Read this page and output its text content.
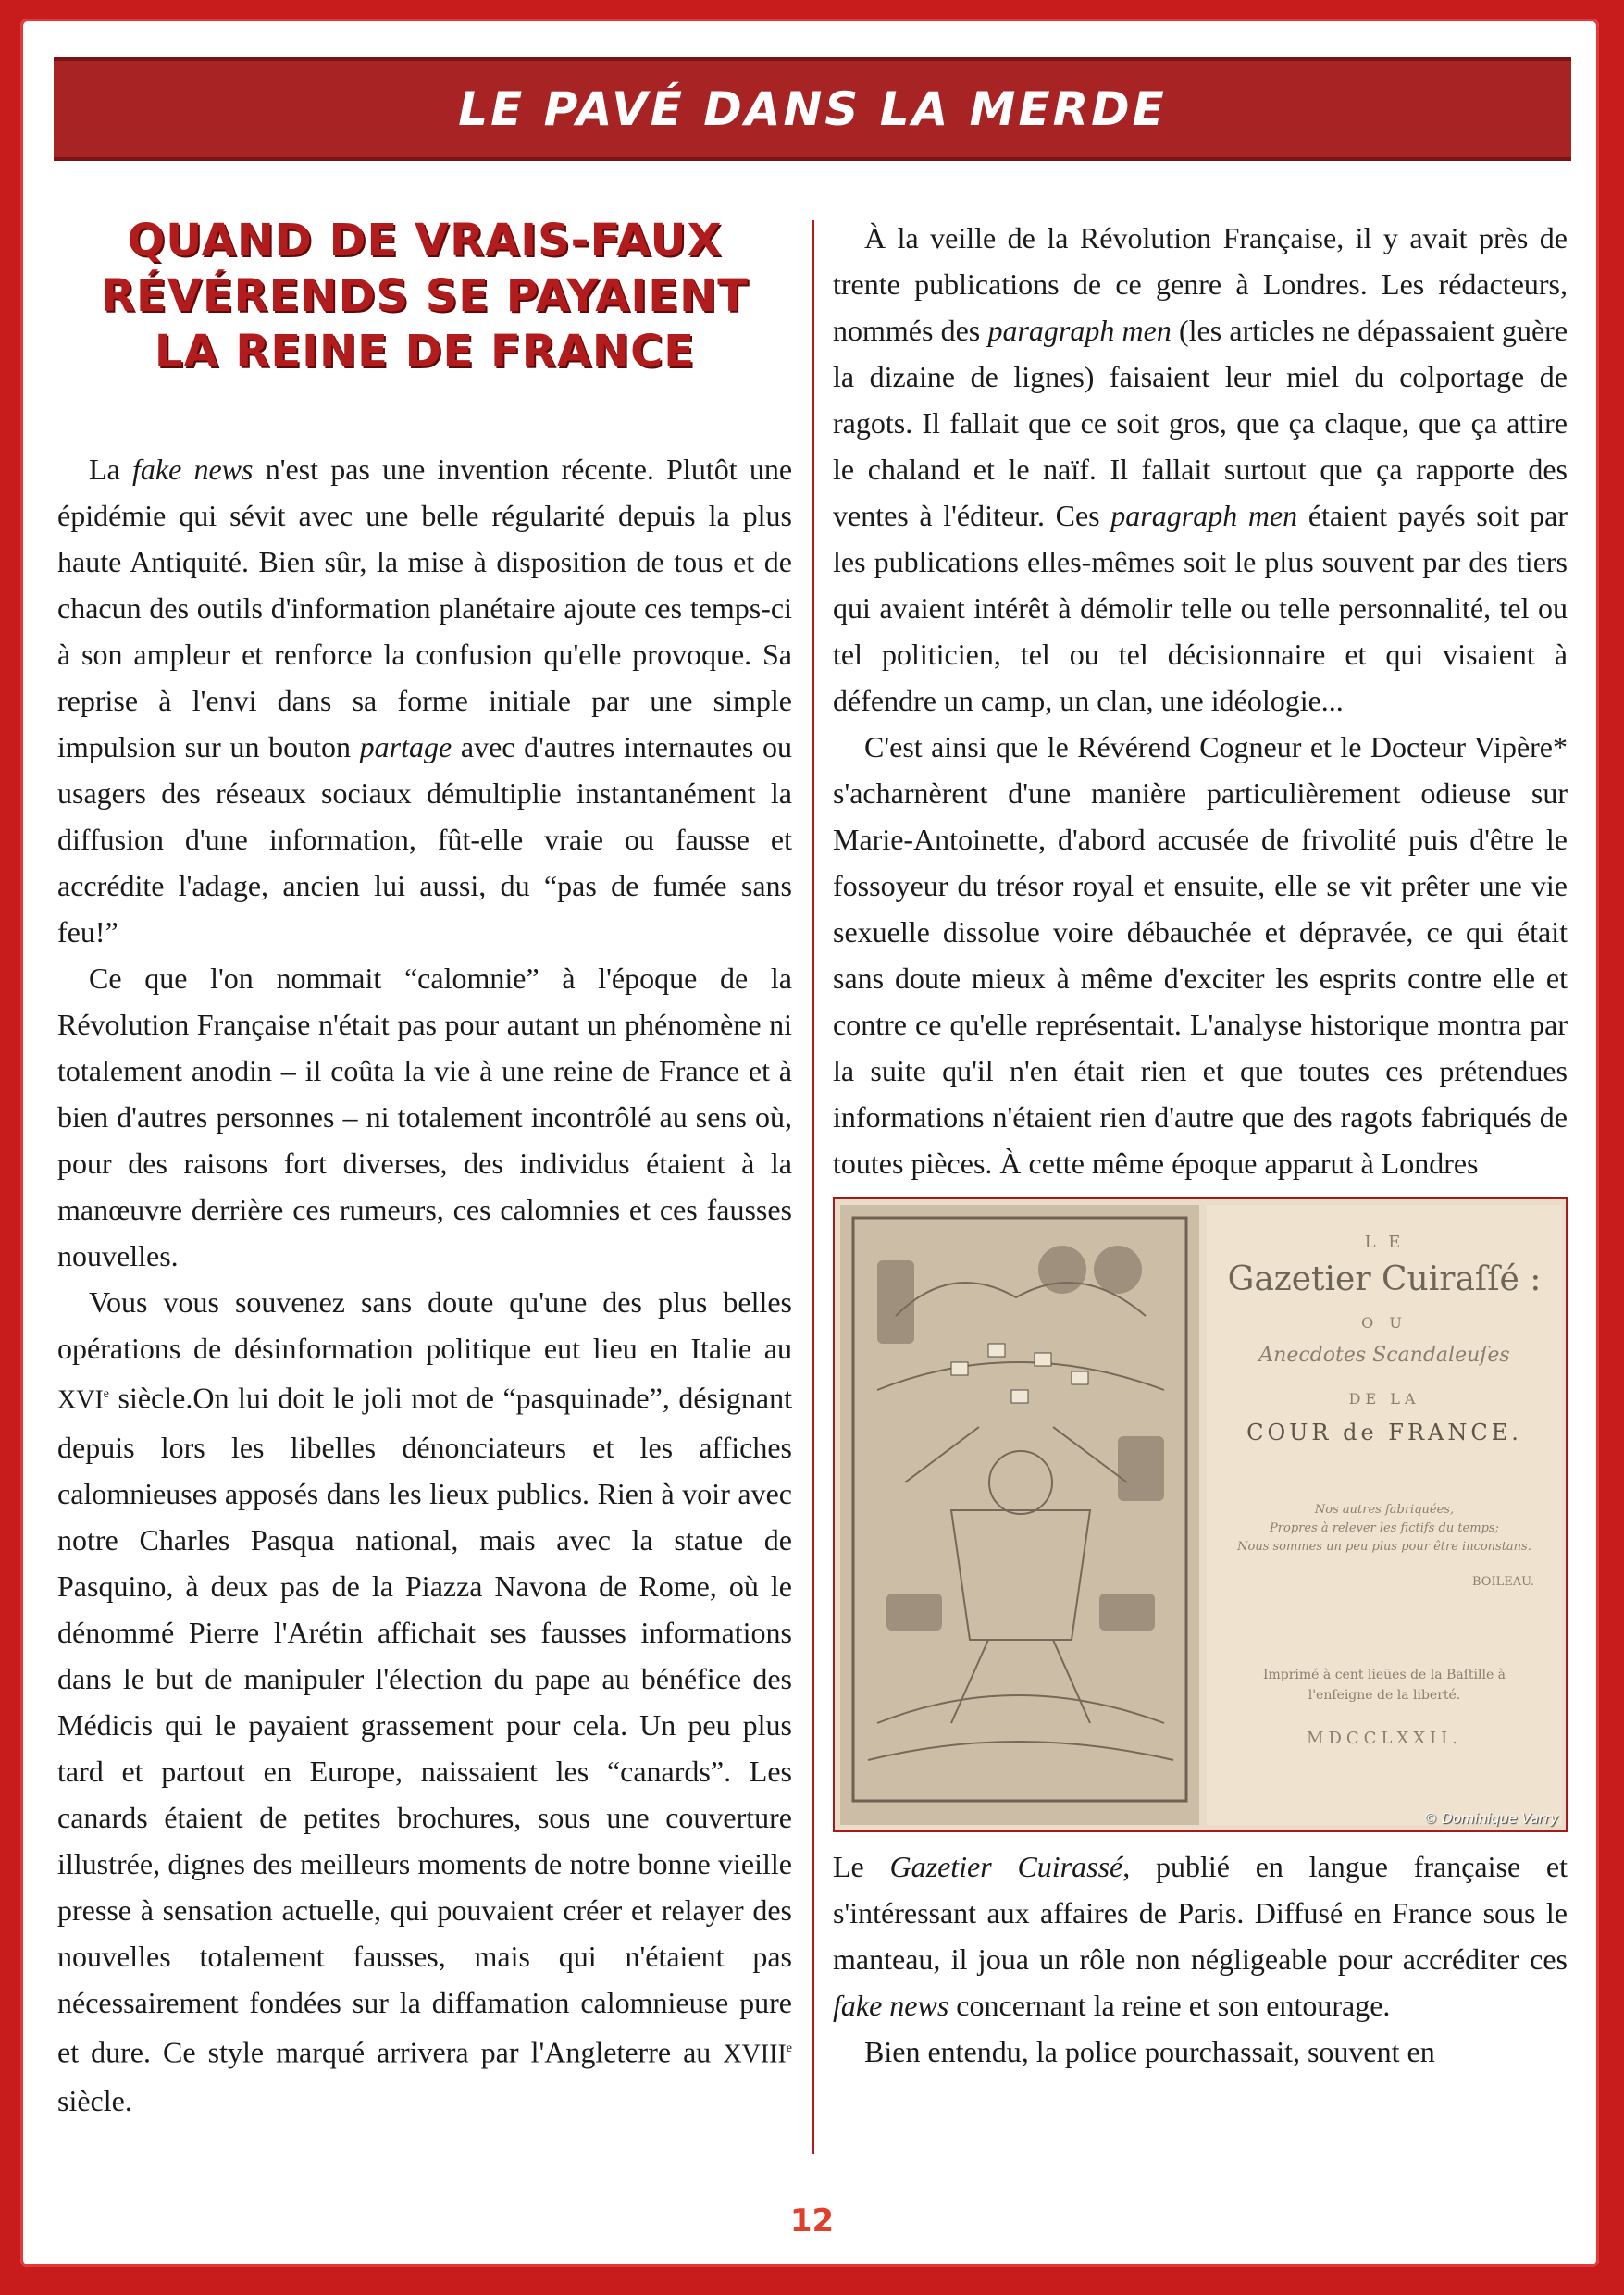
LE PAVÉ DANS LA MERDE
QUAND DE VRAIS-FAUX
RÉVÉRENDS SE PAYAIENT
LA REINE DE FRANCE

La fake news n'est pas une invention récente. Plutôt une épidémie qui sévit avec une belle régularité depuis la plus haute Antiquité. Bien sûr, la mise à disposition de tous et de chacun des outils d'information planétaire ajoute ces temps-ci à son ampleur et renforce la confusion qu'elle provoque. Sa reprise à l'envi dans sa forme initiale par une simple impulsion sur un bouton partage avec d'autres internautes ou usagers des réseaux sociaux démultiplie instantanément la diffusion d'une information, fût-elle vraie ou fausse et accrédite l'adage, ancien lui aussi, du “pas de fumée sans feu!”

Ce que l'on nommait “calomnie” à l'époque de la Révolution Française n'était pas pour autant un phénomène ni totalement anodin – il coûta la vie à une reine de France et à bien d'autres personnes – ni totalement incontrôlé au sens où, pour des raisons fort diverses, des individus étaient à la manœuvre derrière ces rumeurs, ces calomnies et ces fausses nouvelles.

Vous vous souvenez sans doute qu'une des plus belles opérations de désinformation politique eut lieu en Italie au XVIe siècle.On lui doit le joli mot de “pasquinade”, désignant depuis lors les libelles dénonciateurs et les affiches calomnieuses apposés dans les lieux publics. Rien à voir avec notre Charles Pasqua national, mais avec la statue de Pasquino, à deux pas de la Piazza Navona de Rome, où le dénommé Pierre l'Arétin affichait ses fausses informations dans le but de manipuler l'élection du pape au bénéfice des Médicis qui le payaient grassement pour cela. Un peu plus tard et partout en Europe, naissaient les “canards”. Les canards étaient de petites brochures, sous une couverture illustrée, dignes des meilleurs moments de notre bonne vieille presse à sensation actuelle, qui pouvaient créer et relayer des nouvelles totalement fausses, mais qui n'étaient pas nécessairement fondées sur la diffamation calomnieuse pure et dure. Ce style marqué arrivera par l'Angleterre au XVIIIe siècle.

À la veille de la Révolution Française, il y avait près de trente publications de ce genre à Londres. Les rédacteurs, nommés des paragraph men (les articles ne dépassaient guère la dizaine de lignes) faisaient leur miel du colportage de ragots. Il fallait que ce soit gros, que ça claque, que ça attire le chaland et le naïf. Il fallait surtout que ça rapporte des ventes à l'éditeur. Ces paragraph men étaient payés soit par les publications elles-mêmes soit le plus souvent par des tiers qui avaient intérêt à démolir telle ou telle personnalité, tel ou tel politicien, tel ou tel décisionnaire et qui visaient à défendre un camp, un clan, une idéologie...

C'est ainsi que le Révérend Cogneur et le Docteur Vipère* s'acharnèrent d'une manière particulièrement odieuse sur Marie-Antoinette, d'abord accusée de frivolité puis d'être le fossoyeur du trésor royal et ensuite, elle se vit prêter une vie sexuelle dissolue voire débauchée et dépravée, ce qui était sans doute mieux à même d'exciter les esprits contre elle et contre ce qu'elle représentait. L'analyse historique montra par la suite qu'il n'en était rien et que toutes ces prétendues informations n'étaient rien d'autre que des ragots fabriqués de toutes pièces. À cette même époque apparut à Londres

L E
Gazetier Cuiraſſé :
O U
Anecdotes Scandaleuſes
DE LA
COUR de FRANCE.
Nos autres fabriquées,
Propres à relever les fictifs du temps;
Nous sommes un peu plus pour être inconstans.
BOILEAU.
Imprimé à cent lieües de la Baſtille à
l'enſeigne de la liberté.
MDCCLXXII.
© Dominique Varry

Le Gazetier Cuirassé, publié en langue française et s'intéressant aux affaires de Paris. Diffusé en France sous le manteau, il joua un rôle non négligeable pour accréditer ces fake news concernant la reine et son entourage.

Bien entendu, la police pourchassait, souvent en

12
